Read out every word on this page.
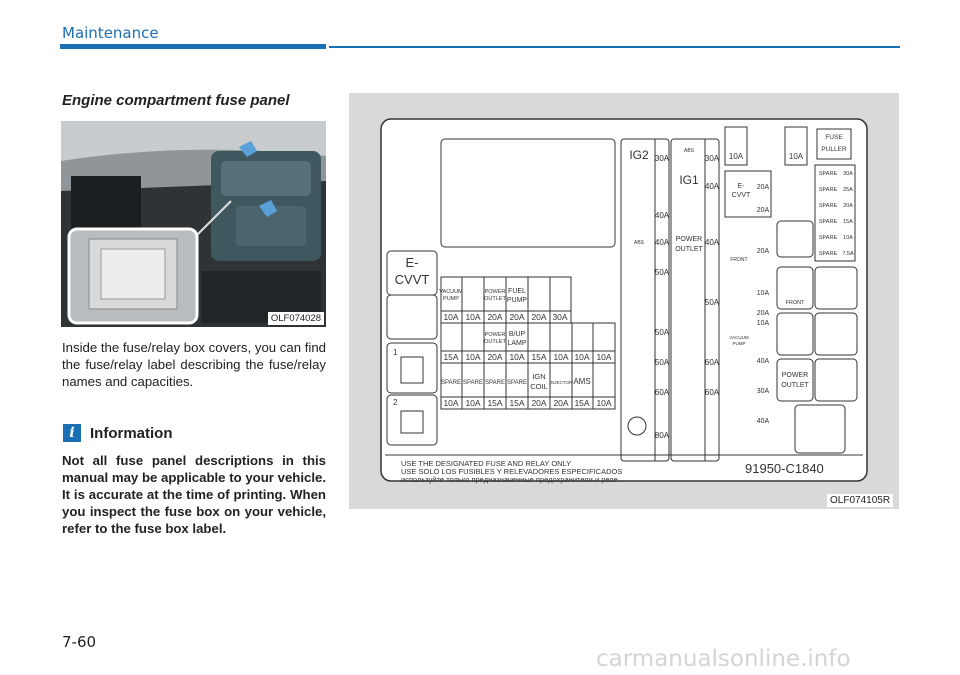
Maintenance
Engine compartment fuse panel
OLF074028
Inside the fuse/relay box covers, you can find the fuse/relay label describing the fuse/relay names and capacities.
i	Information
Not all fuse panel descriptions in this manual may be applicable to your vehicle. It is accurate at the time of printing. When you inspect the fuse box on your vehicle, refer to the fuse box label.
E-
CVVT
1
2
10A 10A 20A 20A 20A 30A
VACUUM
PUMP
POWER
OUTLET
FUEL
PUMP
15A 10A 20A 10A 15A 10A 10A 10A
POWER
OUTLET
B/UP
LAMP
10A 10A 15A 15A 20A 20A 15A 10A
SPARE SPARE SPARE SPARE
IGN
COIL INJECTOR AMS
IG2 30A
40A
40A
50A
50A
50A
60A
80A
ABS
IG1
ABS
30A
40A
40A
50A
60A
60A
POWER
OUTLET
10A	10A
FUSE
PULLER
E-
CVVT
20A
20A
20A
10A
20A
10A
FRONT
VACUUM
PUMP
40A
30A
40A
SPARE
SPARE
SPARE
SPARE
SPARE
SPARE
30A
25A
20A
15A
10A
7.5A
FRONT
POWER
OUTLET
USE THE DESIGNATED FUSE AND RELAY ONLY
USE SOLO LOS FUSIBLES Y RELEVADORES ESPECIFICADOS
используйте только предназначенные предохранители и реле
91950-C1840
OLF074105R
7-60
carmanualsonline.info
